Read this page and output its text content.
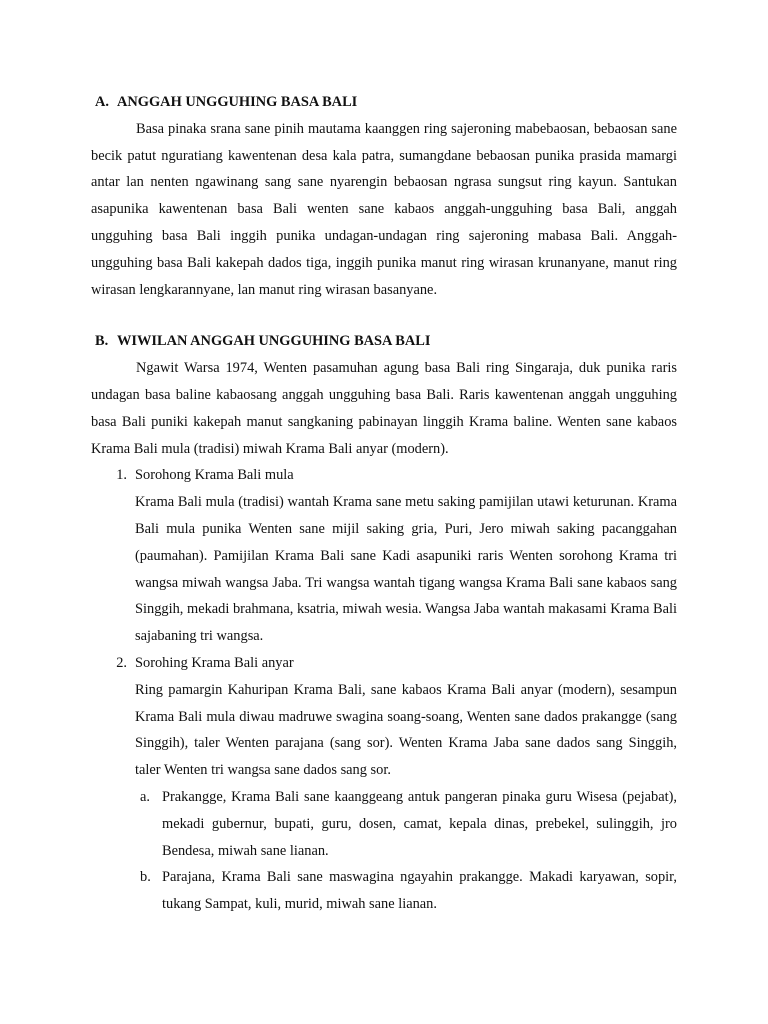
A. ANGGAH UNGGUHING BASA BALI

Basa pinaka srana sane pinih mautama kaanggen ring sajeroning mabebaosan, bebaosan sane becik patut nguratiang kawentenan desa kala patra, sumangdane bebaosan punika prasida mamargi antar lan nenten ngawinang sang sane nyarengin bebaosan ngrasa sungsut ring kayun. Santukan asapunika kawentenan basa Bali wenten sane kabaos anggah-ungguhing basa Bali, anggah ungguhing basa Bali inggih punika undagan-undagan ring sajeroning mabasa Bali. Anggah-ungguhing basa Bali kakepah dados tiga, inggih punika manut ring wirasan krunanyane, manut ring wirasan lengkarannyane, lan manut ring wirasan basanyane.

B. WIWILAN ANGGAH UNGGUHING BASA BALI

Ngawit Warsa 1974, Wenten pasamuhan agung basa Bali ring Singaraja, duk punika raris undagan basa baline kabaosang anggah ungguhing basa Bali. Raris kawentenan anggah ungguhing basa Bali puniki kakepah manut sangkaning pabinayan linggih Krama baline. Wenten sane kabaos Krama Bali mula (tradisi) miwah Krama Bali anyar (modern).

1. Sorohong Krama Bali mula

Krama Bali mula (tradisi) wantah Krama sane metu saking pamijilan utawi keturunan. Krama Bali mula punika Wenten sane mijil saking gria, Puri, Jero miwah saking pacanggahan (paumahan). Pamijilan Krama Bali sane Kadi asapuniki raris Wenten sorohong Krama tri wangsa miwah wangsa Jaba. Tri wangsa wantah tigang wangsa Krama Bali sane kabaos sang Singgih, mekadi brahmana, ksatria, miwah wesia. Wangsa Jaba wantah makasami Krama Bali sajabaning tri wangsa.

2. Sorohing Krama Bali anyar

Ring pamargin Kahuripan Krama Bali, sane kabaos Krama Bali anyar (modern), sesampun Krama Bali mula diwau madruwe swagina soang-soang, Wenten sane dados prakangge (sang Singgih), taler Wenten parajana (sang sor). Wenten Krama Jaba sane dados sang Singgih, taler Wenten tri wangsa sane dados sang sor.

a. Prakangge, Krama Bali sane kaanggeang antuk pangeran pinaka guru Wisesa (pejabat), mekadi gubernur, bupati, guru, dosen, camat, kepala dinas, prebekel, sulinggih, jro Bendesa, miwah sane lianan.
b. Parajana, Krama Bali sane maswagina ngayahin prakangge. Makadi karyawan, sopir, tukang Sampat, kuli, murid, miwah sane lianan.
